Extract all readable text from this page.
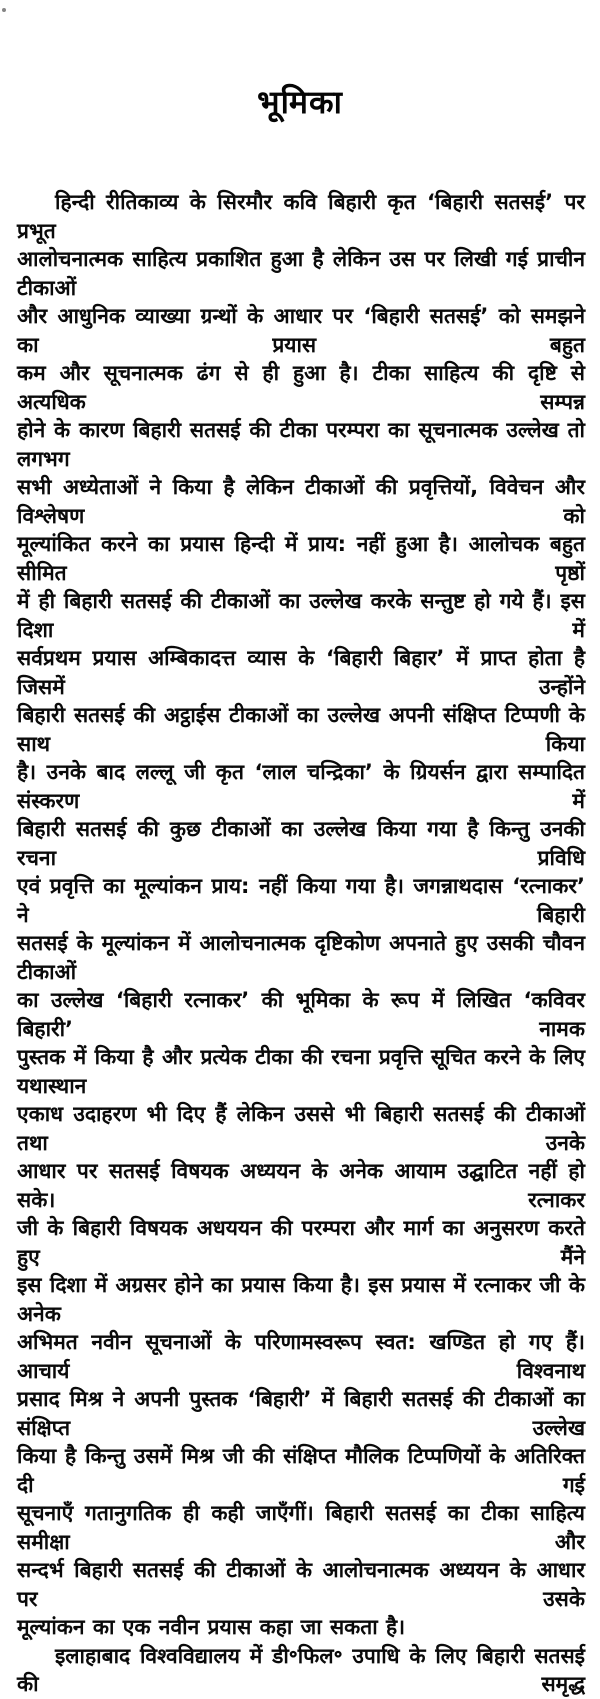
भूमिका
हिन्दी रीतिकाव्य के सिरमौर कवि बिहारी कृत ‘बिहारी सतसई’ पर प्रभूत
आलोचनात्मक साहित्य प्रकाशित हुआ है लेकिन उस पर लिखी गई प्राचीन टीकाओं
और आधुनिक व्याख्या ग्रन्थों के आधार पर ‘बिहारी सतसई’ को समझने का प्रयास बहुत
कम और सूचनात्मक ढंग से ही हुआ है। टीका साहित्य की दृष्टि से अत्यधिक सम्पन्न
होने के कारण बिहारी सतसई की टीका परम्परा का सूचनात्मक उल्लेख तो लगभग
सभी अध्येताओं ने किया है लेकिन टीकाओं की प्रवृत्तियों, विवेचन और विश्लेषण को
मूल्यांकित करने का प्रयास हिन्दी में प्राय: नहीं हुआ है। आलोचक बहुत सीमित पृष्ठों
में ही बिहारी सतसई की टीकाओं का उल्लेख करके सन्तुष्ट हो गये हैं। इस दिशा में
सर्वप्रथम प्रयास अम्बिकादत्त व्यास के ‘बिहारी बिहार’ में प्राप्त होता है जिसमें उन्होंने
बिहारी सतसई की अट्ठाईस टीकाओं का उल्लेख अपनी संक्षिप्त टिप्पणी के साथ किया
है। उनके बाद लल्लू जी कृत ‘लाल चन्द्रिका’ के ग्रियर्सन द्वारा सम्पादित संस्करण में
बिहारी सतसई की कुछ टीकाओं का उल्लेख किया गया है किन्तु उनकी रचना प्रविधि
एवं प्रवृत्ति का मूल्यांकन प्राय: नहीं किया गया है। जगन्नाथदास ‘रत्नाकर’ ने बिहारी
सतसई के मूल्यांकन में आलोचनात्मक दृष्टिकोण अपनाते हुए उसकी चौवन टीकाओं
का उल्लेख ‘बिहारी रत्नाकर’ की भूमिका के रूप में लिखित ‘कविवर बिहारी’ नामक
पुस्तक में किया है और प्रत्येक टीका की रचना प्रवृत्ति सूचित करने के लिए यथास्थान
एकाध उदाहरण भी दिए हैं लेकिन उससे भी बिहारी सतसई की टीकाओं तथा उनके
आधार पर सतसई विषयक अध्ययन के अनेक आयाम उद्घाटित नहीं हो सके। रत्नाकर
जी के बिहारी विषयक अधययन की परम्परा और मार्ग का अनुसरण करते हुए मैंने
इस दिशा में अग्रसर होने का प्रयास किया है। इस प्रयास में रत्नाकर जी के अनेक
अभिमत नवीन सूचनाओं के परिणामस्वरूप स्वत: खण्डित हो गए हैं। आचार्य विश्वनाथ
प्रसाद मिश्र ने अपनी पुस्तक ‘बिहारी’ में बिहारी सतसई की टीकाओं का संक्षिप्त उल्लेख
किया है किन्तु उसमें मिश्र जी की संक्षिप्त मौलिक टिप्पणियों के अतिरिक्त दी गई
सूचनाएँ गतानुगतिक ही कही जाएँगीं। बिहारी सतसई का टीका साहित्य समीक्षा और
सन्दर्भ बिहारी सतसई की टीकाओं के आलोचनात्मक अध्ययन के आधार पर उसके
मूल्यांकन का एक नवीन प्रयास कहा जा सकता है।
इलाहाबाद विश्वविद्यालय में डी॰फिल॰ उपाधि के लिए बिहारी सतसई की समृद्ध
